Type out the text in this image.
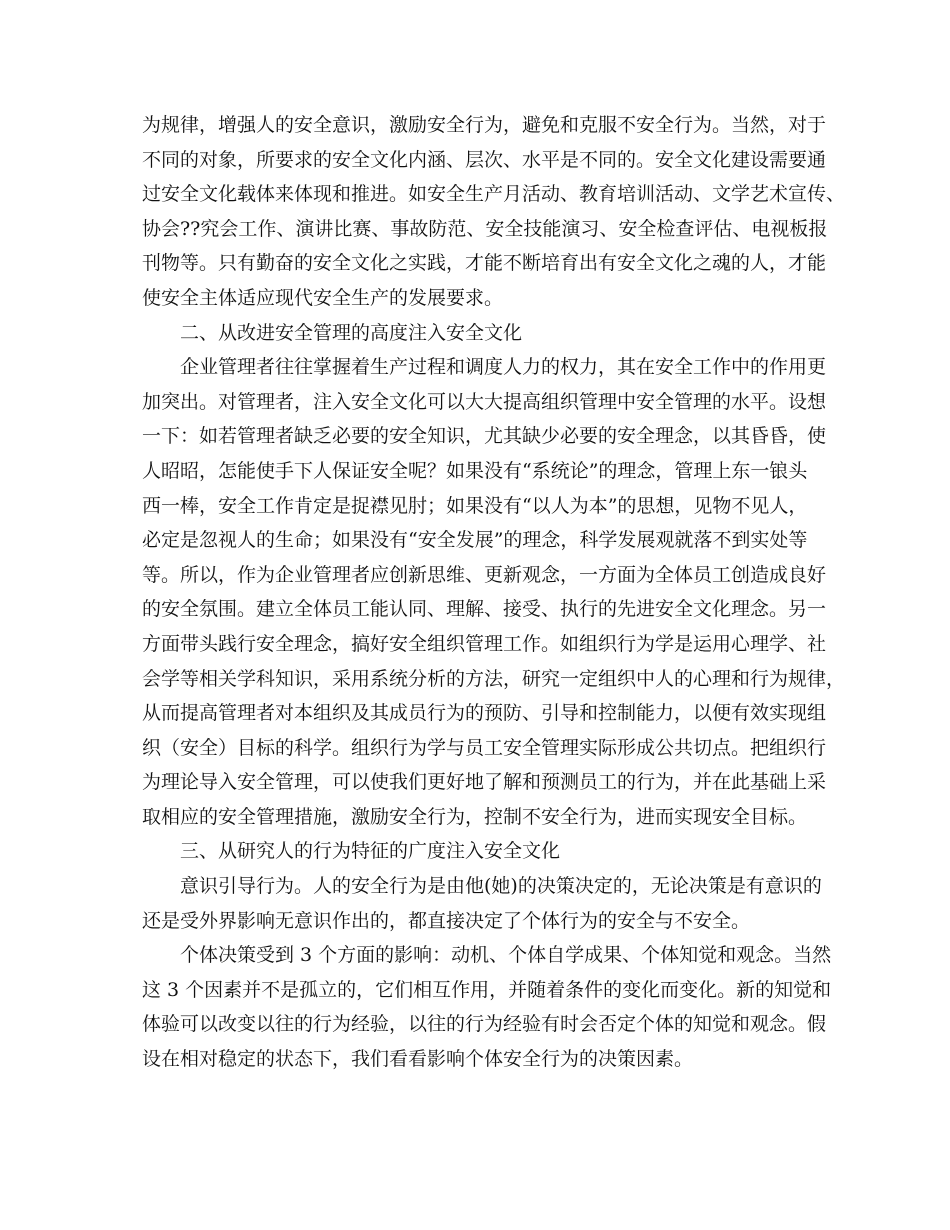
为规律，增强人的安全意识，激励安全行为，避免和克服不安全行为。当然，对于
不同的对象，所要求的安全文化内涵、层次、水平是不同的。安全文化建设需要通
过安全文化载体来体现和推进。如安全生产月活动、教育培训活动、文学艺术宣传、
协会??究会工作、演讲比赛、事故防范、安全技能演习、安全检查评估、电视板报
刊物等。只有勤奋的安全文化之实践，才能不断培育出有安全文化之魂的人，才能
使安全主体适应现代安全生产的发展要求。
二、从改进安全管理的高度注入安全文化
企业管理者往往掌握着生产过程和调度人力的权力，其在安全工作中的作用更
加突出。对管理者，注入安全文化可以大大提高组织管理中安全管理的水平。设想
一下：如若管理者缺乏必要的安全知识，尤其缺少必要的安全理念，以其昏昏，使
人昭昭，怎能使手下人保证安全呢？如果没有“系统论”的理念，管理上东一锒头
西一棒，安全工作肯定是捉襟见肘；如果没有“以人为本”的思想，见物不见人，
必定是忽视人的生命；如果没有“安全发展”的理念，科学发展观就落不到实处等
等。所以，作为企业管理者应创新思维、更新观念，一方面为全体员工创造成良好
的安全氛围。建立全体员工能认同、理解、接受、执行的先进安全文化理念。另一
方面带头践行安全理念，搞好安全组织管理工作。如组织行为学是运用心理学、社
会学等相关学科知识，采用系统分析的方法，研究一定组织中人的心理和行为规律，
从而提高管理者对本组织及其成员行为的预防、引导和控制能力，以便有效实现组
织（安全）目标的科学。组织行为学与员工安全管理实际形成公共切点。把组织行
为理论导入安全管理，可以使我们更好地了解和预测员工的行为，并在此基础上采
取相应的安全管理措施，激励安全行为，控制不安全行为，进而实现安全目标。
三、从研究人的行为特征的广度注入安全文化
意识引导行为。人的安全行为是由他(她)的决策决定的，无论决策是有意识的
还是受外界影响无意识作出的，都直接决定了个体行为的安全与不安全。
个体决策受到 3 个方面的影响：动机、个体自学成果、个体知觉和观念。当然
这 3 个因素并不是孤立的，它们相互作用，并随着条件的变化而变化。新的知觉和
体验可以改变以往的行为经验，以往的行为经验有时会否定个体的知觉和观念。假
设在相对稳定的状态下，我们看看影响个体安全行为的决策因素。
